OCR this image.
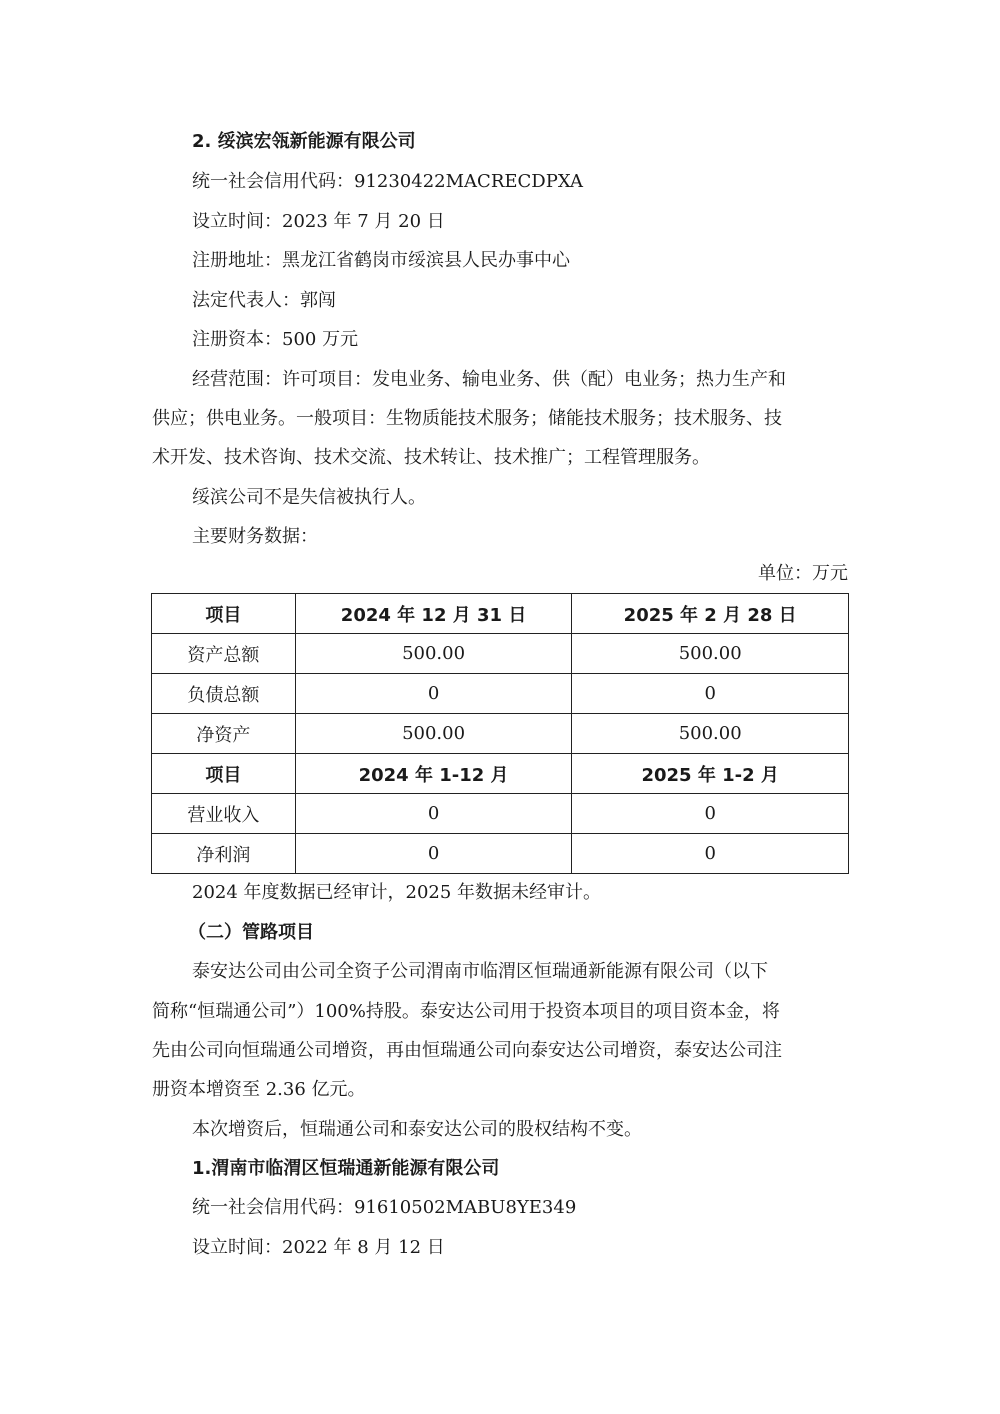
2. 绥滨宏瓴新能源有限公司
统一社会信用代码：91230422MACRECDPXA
设立时间：2023 年 7 月 20 日
注册地址：黑龙江省鹤岗市绥滨县人民办事中心
法定代表人：郭闯
注册资本：500 万元
经营范围：许可项目：发电业务、输电业务、供（配）电业务；热力生产和
供应；供电业务。一般项目：生物质能技术服务；储能技术服务；技术服务、技
术开发、技术咨询、技术交流、技术转让、技术推广；工程管理服务。
绥滨公司不是失信被执行人。
主要财务数据：
单位：万元
项目	2024 年 12 月 31 日	2025 年 2 月 28 日
资产总额	500.00	500.00
负债总额	0	0
净资产	500.00	500.00
项目	2024 年 1-12 月	2025 年 1-2 月
营业收入	0	0
净利润	0	0
2024 年度数据已经审计，2025 年数据未经审计。
（二）管路项目
泰安达公司由公司全资子公司渭南市临渭区恒瑞通新能源有限公司（以下
简称“恒瑞通公司”）100%持股。泰安达公司用于投资本项目的项目资本金，将
先由公司向恒瑞通公司增资，再由恒瑞通公司向泰安达公司增资，泰安达公司注
册资本增资至 2.36 亿元。
本次增资后，恒瑞通公司和泰安达公司的股权结构不变。
1.渭南市临渭区恒瑞通新能源有限公司
统一社会信用代码：91610502MABU8YE349
设立时间：2022 年 8 月 12 日
